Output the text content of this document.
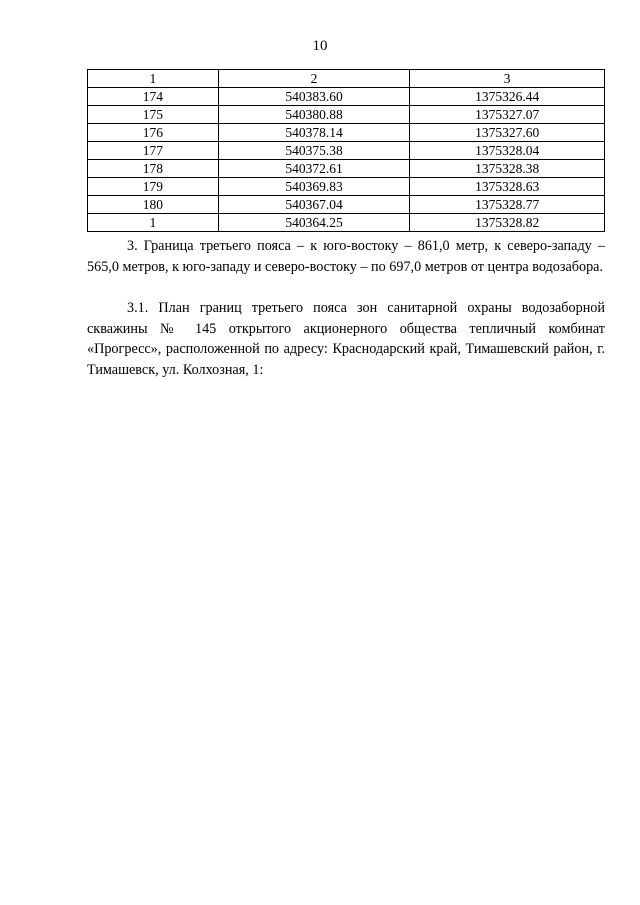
10
1	2	3
174	540383.60	1375326.44
175	540380.88	1375327.07
176	540378.14	1375327.60
177	540375.38	1375328.04
178	540372.61	1375328.38
179	540369.83	1375328.63
180	540367.04	1375328.77
1	540364.25	1375328.82

3. Граница третьего пояса – к юго-востоку – 861,0 метр, к северо-западу – 565,0 метров, к юго-западу и северо-востоку – по 697,0 метров от центра водозабора.

3.1. План границ третьего пояса зон санитарной охраны водозаборной скважины № 145 открытого акционерного общества тепличный комбинат «Прогресс», расположенной по адресу: Краснодарский край, Тимашевский район, г. Тимашевск, ул. Колхозная, 1:
